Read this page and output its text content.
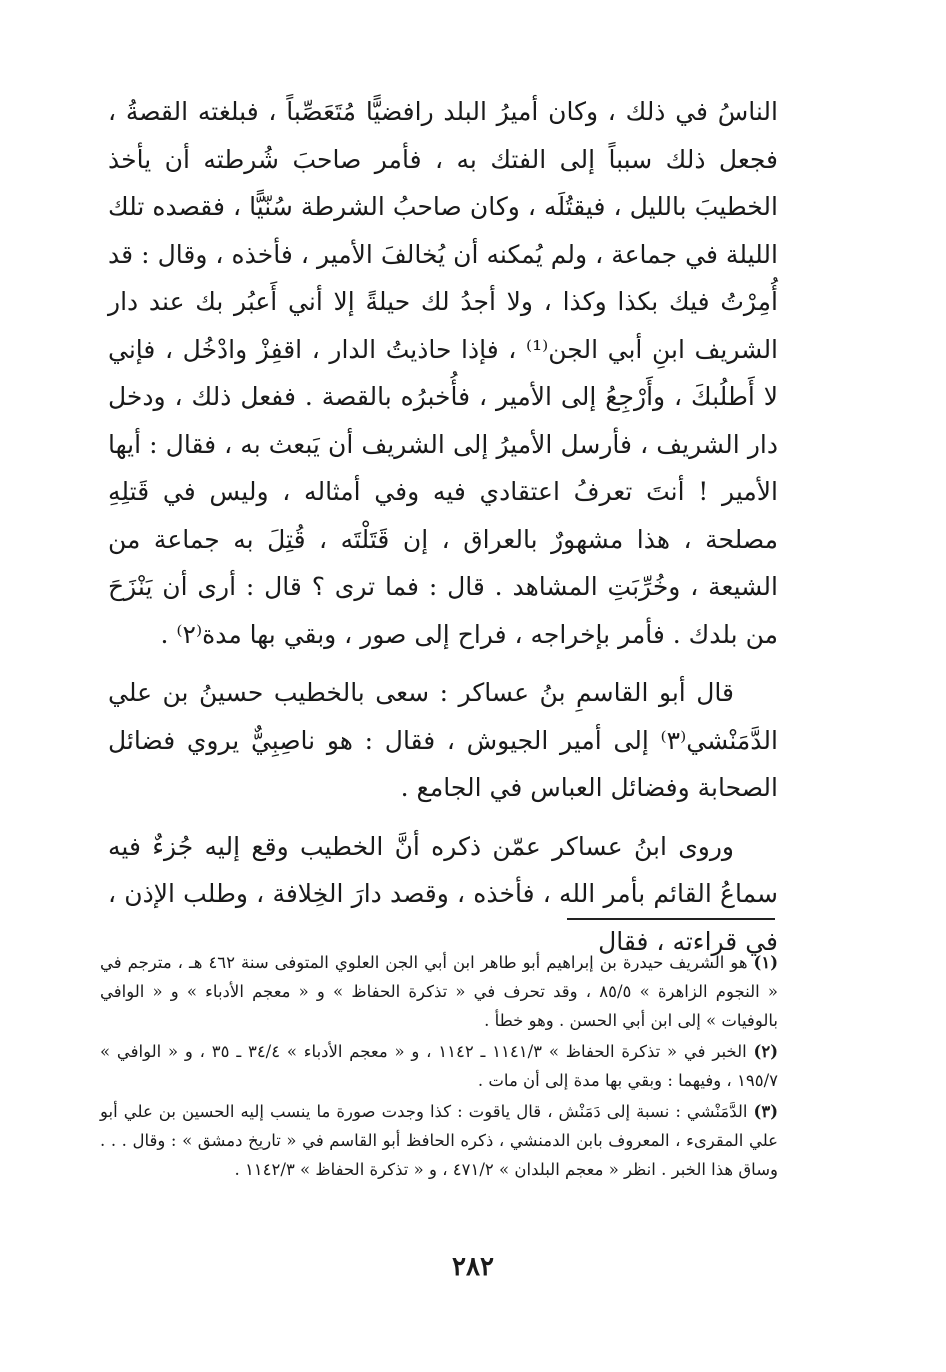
الناسُ في ذلك ، وكان أميرُ البلد رافضيًّا مُتَعَصِّباً ، فبلغته القصةُ ، فجعل ذلك سبباً إلى الفتك به ، فأمر صاحبَ شُرطته أن يأخذ الخطيبَ بالليل ، فيقتُلَه ، وكان صاحبُ الشرطة سُنّيًّا ، فقصده تلك الليلة في جماعة ، ولم يُمكنه أن يُخالفَ الأمير ، فأخذه ، وقال : قد أُمِرْتُ فيك بكذا وكذا ، ولا أجدُ لك حيلةً إلا أني أَعبُر بك عند دار الشريف ابنِ أبي الجن⁽¹⁾ ، فإذا حاذيتُ الدار ، اقفِزْ وادْخُل ، فإني لا أَطلُبكَ ، وأَرْجِعُ إلى الأمير ، فأُخبرُه بالقصة . ففعل ذلك ، ودخل دار الشريف ، فأرسل الأميرُ إلى الشريف أن يَبعث به ، فقال : أيها الأمير ! أنتَ تعرفُ اعتقادي فيه وفي أمثاله ، وليس في قَتلِهِ مصلحة ، هذا مشهورٌ بالعراق ، إن قَتَلْتَه ، قُتِلَ به جماعة من الشيعة ، وخُرِّبَتِ المشاهد . قال : فما ترى ؟ قال : أرى أن يَنْزَحَ من بلدك . فأمر بإخراجه ، فراح إلى صور ، وبقي بها مدة⁽٢⁾ .

قال أبو القاسمِ بنُ عساكر : سعى بالخطيب حسينُ بن علي الدَّمَنْشي⁽٣⁾ إلى أمير الجيوش ، فقال : هو ناصِبِيٌّ يروي فضائل الصحابة وفضائل العباس في الجامع .

وروى ابنُ عساكر عمّن ذكره أنَّ الخطيب وقع إليه جُزءٌ فيه سماعُ القائم بأمر الله ، فأخذه ، وقصد دارَ الخِلافة ، وطلب الإذن ، في قراءته ، فقال

(١) هو الشريف حيدرة بن إبراهيم أبو طاهر ابن أبي الجن العلوي المتوفى سنة ٤٦٢ هـ ، مترجم في « النجوم الزاهرة » ٨٥/٥ ، وقد تحرف في « تذكرة الحفاظ » و « معجم الأدباء » و « الوافي بالوفيات » إلى ابن أبي الحسن . وهو خطأ .

(٢) الخبر في « تذكرة الحفاظ » ١١٤١/٣ ـ ١١٤٢ ، و « معجم الأدباء » ٣٤/٤ ـ ٣٥ ، و « الوافي » ١٩٥/٧ ، وفيهما : وبقي بها مدة إلى أن مات .

(٣) الدَّمَنْشي : نسبة إلى دَمَنْش ، قال ياقوت : كذا وجدت صورة ما ينسب إليه الحسين بن علي أبو علي المقرىء ، المعروف بابن الدمنشي ، ذكره الحافظ أبو القاسم في « تاريخ دمشق » : وقال . . . وساق هذا الخبر . انظر « معجم البلدان » ٤٧١/٢ ، و « تذكرة الحفاظ » ١١٤٢/٣ .

٢٨٢
